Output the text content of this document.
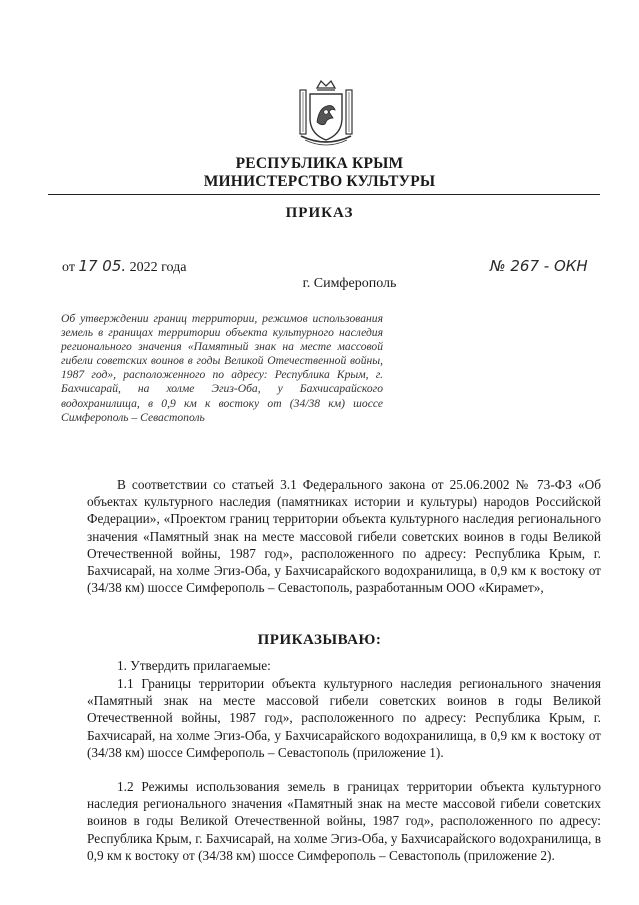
РЕСПУБЛИКА КРЫМ
МИНИСТЕРСТВО КУЛЬТУРЫ
ПРИКАЗ
от 17 05. 2022 года	№ 267 - ОКН
г. Симферополь
Об утверждении границ территории, режимов использования земель в границах территории объекта культурного наследия регионального значения «Памятный знак на месте массовой гибели советских воинов в годы Великой Отечественной войны, 1987 год», расположенного по адресу: Республика Крым, г. Бахчисарай, на холме Эгиз-Оба, у Бахчисарайского водохранилища, в 0,9 км к востоку от (34/38 км) шоссе Симферополь – Севастополь
В соответствии со статьей 3.1 Федерального закона от 25.06.2002 № 73-ФЗ «Об объектах культурного наследия (памятниках истории и культуры) народов Российской Федерации», «Проектом границ территории объекта культурного наследия регионального значения «Памятный знак на месте массовой гибели советских воинов в годы Великой Отечественной войны, 1987 год», расположенного по адресу: Республика Крым, г. Бахчисарай, на холме Эгиз-Оба, у Бахчисарайского водохранилища, в 0,9 км к востоку от (34/38 км) шоссе Симферополь – Севастополь, разработанным ООО «Кирамет»,
ПРИКАЗЫВАЮ:
1. Утвердить прилагаемые:
1.1 Границы территории объекта культурного наследия регионального значения «Памятный знак на месте массовой гибели советских воинов в годы Великой Отечественной войны, 1987 год», расположенного по адресу: Республика Крым, г. Бахчисарай, на холме Эгиз-Оба, у Бахчисарайского водохранилища, в 0,9 км к востоку от (34/38 км) шоссе Симферополь – Севастополь (приложение 1).
1.2 Режимы использования земель в границах территории объекта культурного наследия регионального значения «Памятный знак на месте массовой гибели советских воинов в годы Великой Отечественной войны, 1987 год», расположенного по адресу: Республика Крым, г. Бахчисарай, на холме Эгиз-Оба, у Бахчисарайского водохранилища, в 0,9 км к востоку от (34/38 км) шоссе Симферополь – Севастополь (приложение 2).
